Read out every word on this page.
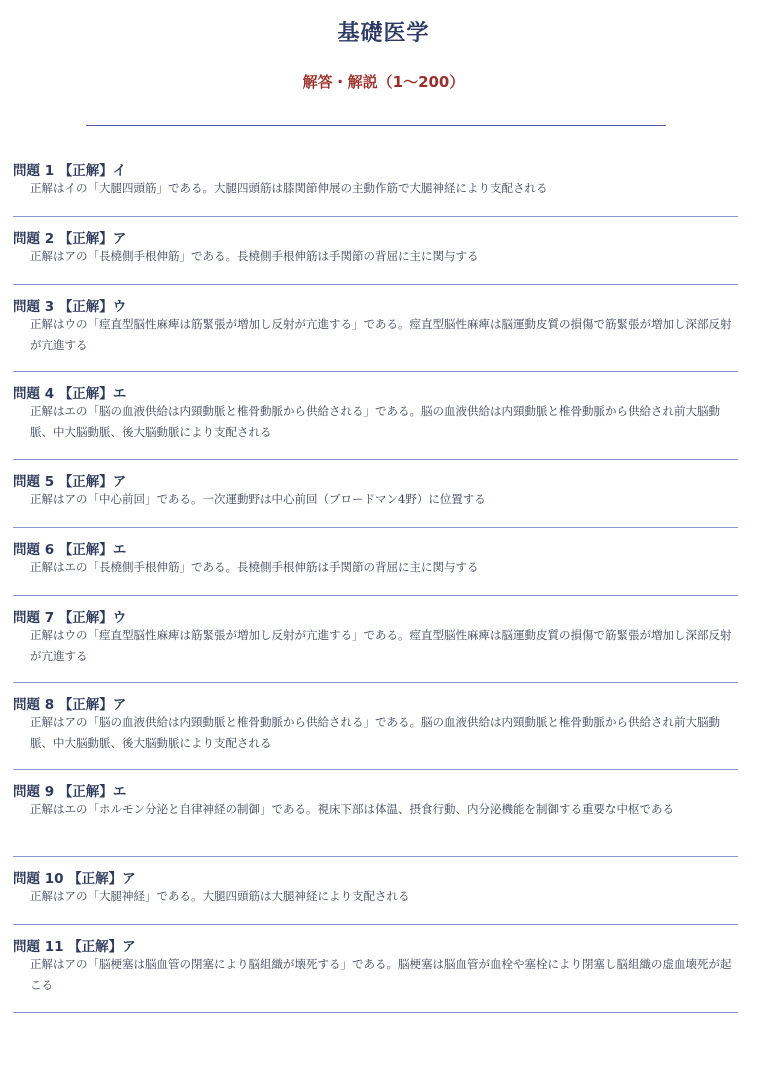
基礎医学
解答・解説（1〜200）
問題 1 【正解】イ
正解はイの「大腿四頭筋」である。大腿四頭筋は膝関節伸展の主動作筋で大腿神経により支配される
問題 2 【正解】ア
正解はアの「長橈側手根伸筋」である。長橈側手根伸筋は手関節の背屈に主に関与する
問題 3 【正解】ウ
正解はウの「痙直型脳性麻痺は筋緊張が増加し反射が亢進する」である。痙直型脳性麻痺は脳運動皮質の損傷で筋緊張が増加し深部反射が亢進する
問題 4 【正解】エ
正解はエの「脳の血液供給は内頸動脈と椎骨動脈から供給される」である。脳の血液供給は内頸動脈と椎骨動脈から供給され前大脳動脈、中大脳動脈、後大脳動脈により支配される
問題 5 【正解】ア
正解はアの「中心前回」である。一次運動野は中心前回（ブロードマン4野）に位置する
問題 6 【正解】エ
正解はエの「長橈側手根伸筋」である。長橈側手根伸筋は手関節の背屈に主に関与する
問題 7 【正解】ウ
正解はウの「痙直型脳性麻痺は筋緊張が増加し反射が亢進する」である。痙直型脳性麻痺は脳運動皮質の損傷で筋緊張が増加し深部反射が亢進する
問題 8 【正解】ア
正解はアの「脳の血液供給は内頸動脈と椎骨動脈から供給される」である。脳の血液供給は内頸動脈と椎骨動脈から供給され前大脳動脈、中大脳動脈、後大脳動脈により支配される
問題 9 【正解】エ
正解はエの「ホルモン分泌と自律神経の制御」である。視床下部は体温、摂食行動、内分泌機能を制御する重要な中枢である
問題 10 【正解】ア
正解はアの「大腿神経」である。大腿四頭筋は大腿神経により支配される
問題 11 【正解】ア
正解はアの「脳梗塞は脳血管の閉塞により脳組織が壊死する」である。脳梗塞は脳血管が血栓や塞栓により閉塞し脳組織の虚血壊死が起こる
